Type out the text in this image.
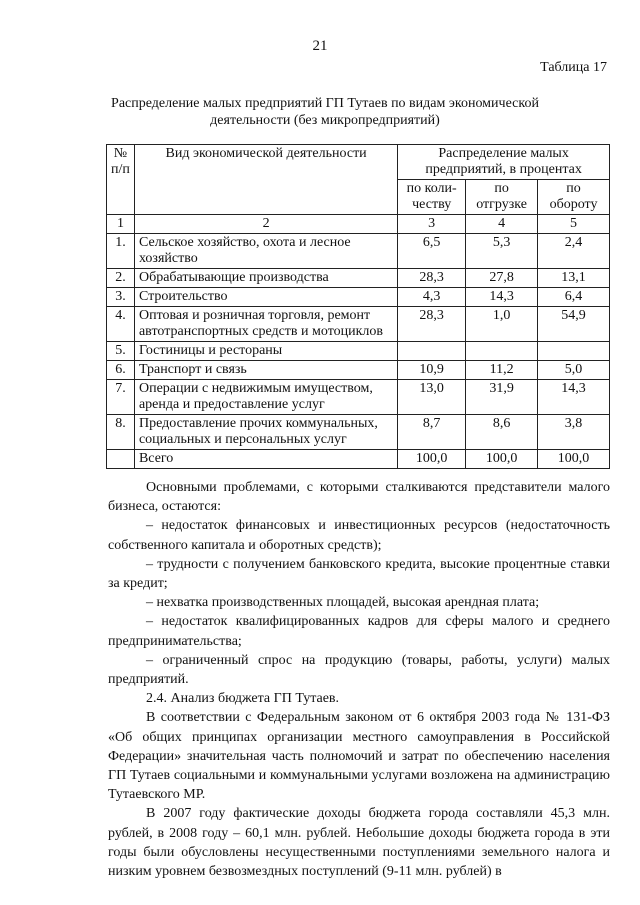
21
Таблица 17
Распределение малых предприятий ГП Тутаев по видам экономической
деятельности (без микропредприятий)
№ п/п	Вид экономической деятельности	Распределение малых предприятий, в процентах		
		по коли-честву	по отгрузке	по обороту
1	2	3	4	5
1.	Сельское хозяйство, охота и лесное хозяйство	6,5	5,3	2,4
2.	Обрабатывающие производства	28,3	27,8	13,1
3.	Строительство	4,3	14,3	6,4
4.	Оптовая и розничная торговля, ремонт автотранспортных средств и мотоциклов	28,3	1,0	54,9
5.	Гостиницы и рестораны			
6.	Транспорт и связь	10,9	11,2	5,0
7.	Операции с недвижимым имуществом, аренда и предоставление услуг	13,0	31,9	14,3
8.	Предоставление прочих коммунальных, социальных и персональных услуг	8,7	8,6	3,8
	Всего	100,0	100,0	100,0

Основными проблемами, с которыми сталкиваются представители малого бизнеса, остаются:

– недостаток финансовых и инвестиционных ресурсов (недостаточность собственного капитала и оборотных средств);

– трудности с получением банковского кредита, высокие процентные ставки за кредит;

– нехватка производственных площадей, высокая арендная плата;

– недостаток квалифицированных кадров для сферы малого и среднего предпринимательства;

– ограниченный спрос на продукцию (товары, работы, услуги) малых предприятий.

2.4. Анализ бюджета ГП Тутаев.

В соответствии с Федеральным законом от 6 октября 2003 года № 131-ФЗ «Об общих принципах организации местного самоуправления в Российской Федерации» значительная часть полномочий и затрат по обеспечению населения ГП Тутаев социальными и коммунальными услугами возложена на администрацию Тутаевского МР.

В 2007 году фактические доходы бюджета города составляли 45,3 млн. рублей, в 2008 году – 60,1 млн. рублей. Небольшие доходы бюджета города в эти годы были обусловлены несущественными поступлениями земельного налога и низким уровнем безвозмездных поступлений (9-11 млн. рублей) в
